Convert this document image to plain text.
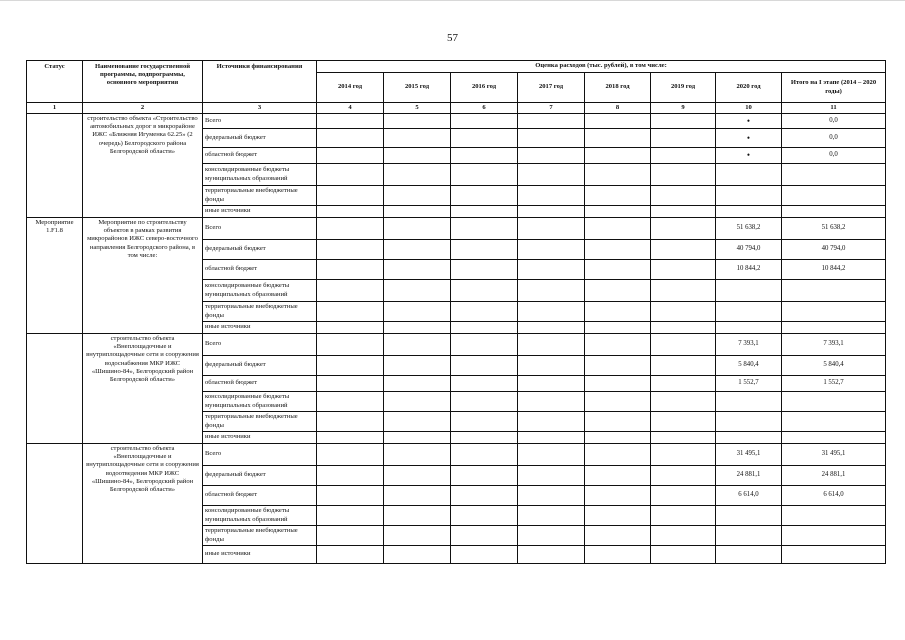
57
Статус	Наименование государственной программы, подпрограммы, основного мероприятия	Источники финансирования	Оценка расходов (тыс. рублей), в том числе:							
			2014 год	2015 год	2016 год	2017 год	2018 год	2019 год	2020 год	Итого на I этапе (2014 – 2020 годы)
1	2	3	4	5	6	7	8	9	10	11
	строительство объекта «Строительство автомобильных дорог в микрорайоне ИЖС «Ближняя Игуменка 62.25» (2 очередь) Белгородского района Белгородской области»	Всего							•	0,0
		федеральный бюджет							•	0,0
		областной бюджет							•	0,0
		консолидированные бюджеты муниципальных образований								
		территориальные внебюджетные фонды								
		иные источники								
Мероприятие 1.F1.8	Мероприятие по строительству объектов в рамках развития микрорайонов ИЖС северо-восточного направления Белгородского района, в том числе:	Всего							51 638,2	51 638,2
		федеральный бюджет							40 794,0	40 794,0
		областной бюджет							10 844,2	10 844,2
		консолидированные бюджеты муниципальных образований								
		территориальные внебюджетные фонды								
		иные источники								
	строительство объекта «Внеплощадочные и внутриплощадочные сети и сооружения водоснабжения МКР ИЖС «Шишино-84», Белгородский район Белгородской области»	Всего							7 393,1	7 393,1
		федеральный бюджет							5 840,4	5 840,4
		областной бюджет							1 552,7	1 552,7
		консолидированные бюджеты муниципальных образований								
		территориальные внебюджетные фонды								
		иные источники								
	строительство объекта «Внеплощадочные и внутриплощадочные сети и сооружения водоотведения МКР ИЖС «Шишино-84», Белгородский район Белгородской области»	Всего							31 495,1	31 495,1
		федеральный бюджет							24 881,1	24 881,1
		областной бюджет							6 614,0	6 614,0
		консолидированные бюджеты муниципальных образований								
		территориальные внебюджетные фонды								
		иные источники								
